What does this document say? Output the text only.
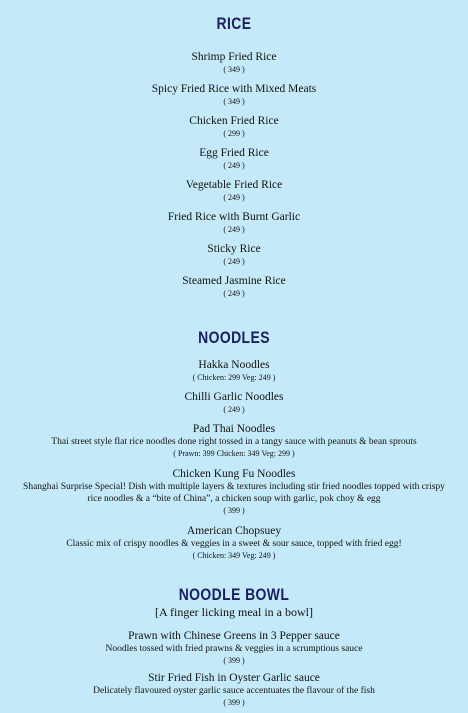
RICE
Shrimp Fried Rice
( 349 )
Spicy Fried Rice with Mixed Meats
( 349 )
Chicken Fried Rice
( 299 )
Egg Fried Rice
( 249 )
Vegetable Fried Rice
( 249 )
Fried Rice with Burnt Garlic
( 249 )
Sticky Rice
( 249 )
Steamed Jasmine Rice
( 249 )
NOODLES
Hakka Noodles
( Chicken: 299 Veg: 249 )
Chilli Garlic Noodles
( 249 )
Pad Thai Noodles
Thai street style flat rice noodles done right tossed in a tangy sauce with peanuts & bean sprouts
( Prawn: 399 Chicken: 349 Veg: 299 )
Chicken Kung Fu Noodles
Shanghai Surprise Special! Dish with multiple layers & textures including stir fried noodles topped with crispy rice noodles & a “bite of China”, a chicken soup with garlic, pok choy & egg
( 399 )
American Chopsuey
Classic mix of crispy noodles & veggies in a sweet & sour sauce, topped with fried egg!
( Chicken: 349 Veg: 249 )
NOODLE BOWL

[A finger licking meal in a bowl]

Prawn with Chinese Greens in 3 Pepper sauce
Noodles tossed with fried prawns & veggies in a scrumptious sauce
( 399 )
Stir Fried Fish in Oyster Garlic sauce
Delicately flavoured oyster garlic sauce accentuates the flavour of the fish
( 399 )
